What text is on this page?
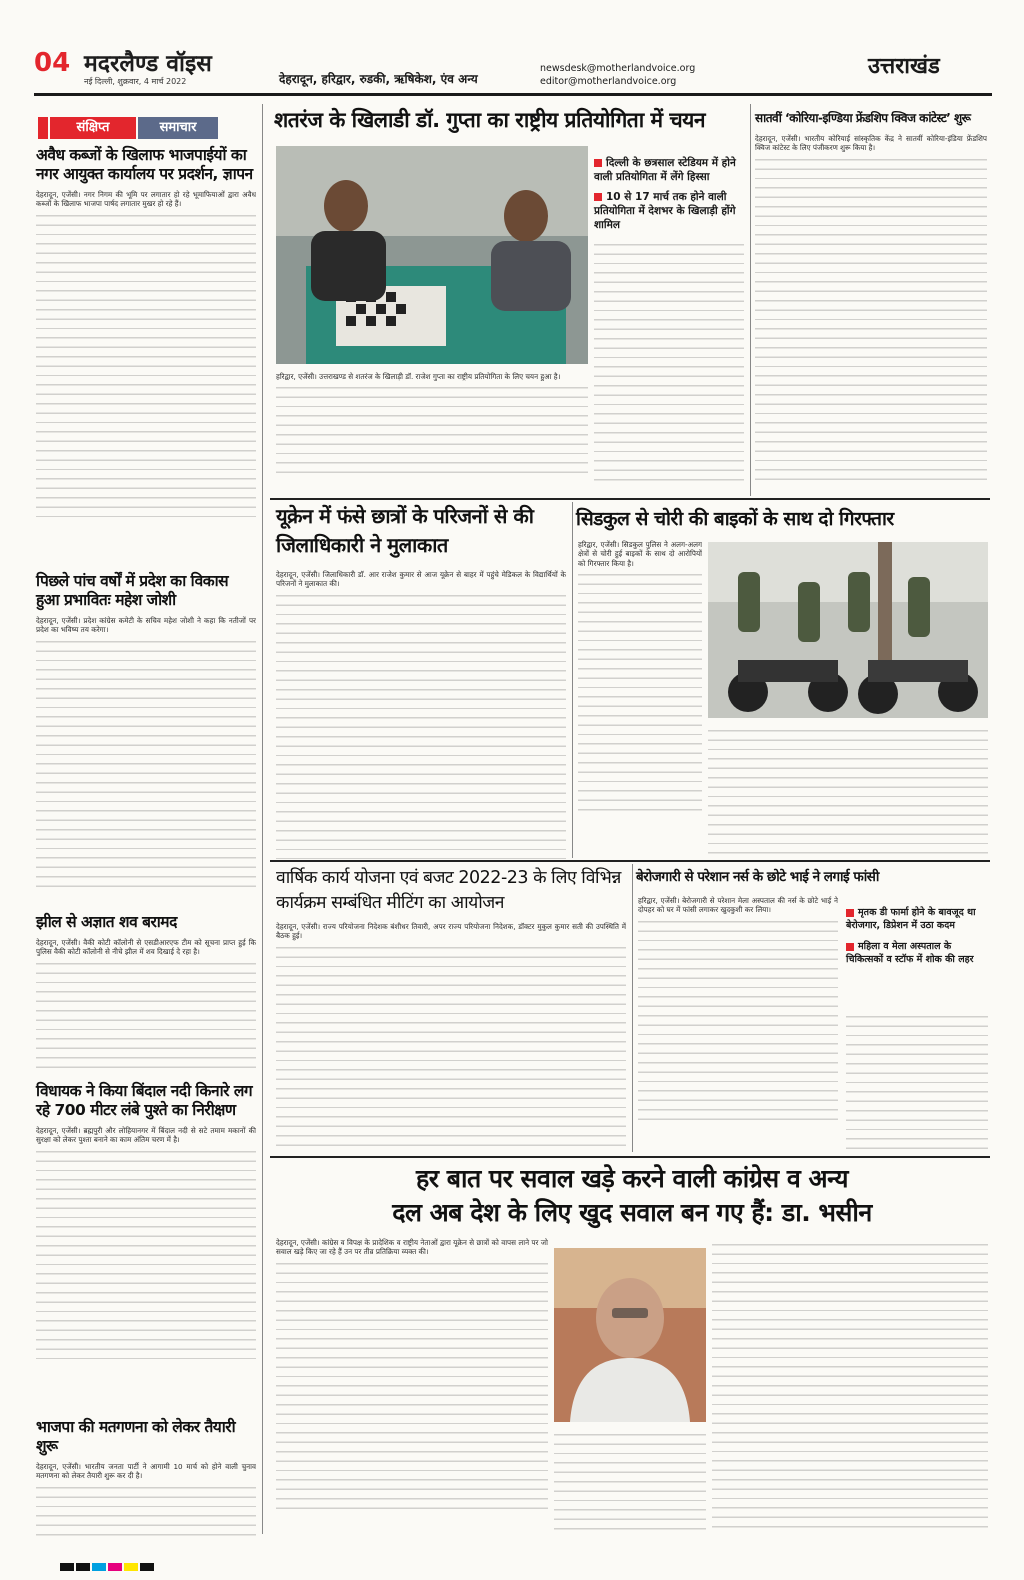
04 मदरलैण्ड वॉइस
नई दिल्ली, शुक्रवार, 4 मार्च 2022	देहरादून, हरिद्वार, रुडकी, ऋषिकेश, एंव अन्य
newsdesk@motherlandvoice.org
editor@motherlandvoice.org
उत्तराखंड
संक्षिप्त	समाचार
अवैध कब्जों के खिलाफ भाजपाईयों का नगर आयुक्त कार्यालय पर प्रदर्शन, ज्ञापन
देहरादून, एजेंसी। नगर निगम की भूमि पर लगातार हो रहे भूमाफियाओं द्वारा अवैध कब्जों के खिलाफ भाजपा पार्षद लगातार मुखर हो रहे हैं।
पिछले पांच वर्षों में प्रदेश का विकास हुआ प्रभावितः महेश जोशी
देहरादून, एजेंसी। प्रदेश कांग्रेस कमेटी के सचिव महेश जोशी ने कहा कि नतीजों पर प्रदेश का भविष्य तय करेगा।
झील से अज्ञात शव बरामद
देहरादून, एजेंसी। वैकी कोटी कॉलोनी से एसडीआरएफ टीम को सूचना प्राप्त हुई कि पुलिस वैकी कोटी कॉलोनी से नीचे झील में शव दिखाई दे रहा है।
विधायक ने किया बिंदाल नदी किनारे लग रहे 700 मीटर लंबे पुश्ते का निरीक्षण
देहरादून, एजेंसी। ब्रह्मपुरी और लोहियानगर में बिंदाल नदी से सटे तमाम मकानों की सुरक्षा को लेकर पुश्ता बनाने का काम अंतिम चरण में है।
भाजपा की मतगणना को लेकर तैयारी शुरू
देहरादून, एजेंसी। भारतीय जनता पार्टी ने आगामी 10 मार्च को होने वाली चुनाव मतगणना को लेकर तैयारी शुरू कर दी है।
शतरंज के खिलाडी डॉ. गुप्ता का राष्ट्रीय प्रतियोगिता में चयन
दिल्ली के छत्रसाल स्टेडियम में होने वाली प्रतियोगिता में लेंगे हिस्सा
10 से 17 मार्च तक होने वाली प्रतियोगिता में देशभर के खिलाड़ी होंगे शामिल
हरिद्वार, एजेंसी। उत्तराखण्ड से शतरंज के खिलाड़ी डॉ. राजेश गुप्ता का राष्ट्रीय प्रतियोगिता के लिए चयन हुआ है।
सातवीं ‘कोरिया-इण्डिया फ्रेंडशिप क्विज कांटेस्ट’ शुरू
देहरादून, एजेंसी। भारतीय कोरियाई सांस्कृतिक केंद्र ने सातवीं कोरिया-इंडिया फ्रेंडशिप क्विज कांटेस्ट के लिए पंजीकरण शुरू किया है।
यूक्रेन में फंसे छात्रों के परिजनों से की जिलाधिकारी ने मुलाकात
देहरादून, एजेंसी। जिलाधिकारी डॉ. आर राजेश कुमार से आज यूक्रेन से बाहर में पहुंचे मेडिकल के विद्यार्थियों के परिजनों ने मुलाकात की।
सिडकुल से चोरी की बाइकों के साथ दो गिरफ्तार
हरिद्वार, एजेंसी। सिडकुल पुलिस ने अलग-अलग क्षेत्रों से चोरी हुई बाइकों के साथ दो आरोपियों को गिरफ्तार किया है।
वार्षिक कार्य योजना एवं बजट 2022-23 के लिए विभिन्न कार्यक्रम सम्बंधित मीटिंग का आयोजन
देहरादून, एजेंसी। राज्य परियोजना निदेशक बंशीधर तिवारी, अपर राज्य परियोजना निदेशक, डॉक्टर मुकुल कुमार सती की उपस्थिति में बैठक हुई।
बेरोजगारी से परेशान नर्स के छोटे भाई ने लगाई फांसी
हरिद्वार, एजेंसी। बेरोजगारी से परेशान मेला अस्पताल की नर्स के छोटे भाई ने दोपहर को घर में फांसी लगाकर खुदकुशी कर लिया।	मृतक डी फार्मा होने के बावजूद था बेरोजगार, डिप्रेशन में उठा कदम
महिला व मेला अस्पताल के चिकित्सकों व स्टॉफ में शोक की लहर
हर बात पर सवाल खड़े करने वाली कांग्रेस व अन्य
दल अब देश के लिए खुद सवाल बन गए हैं: डा. भसीन
देहरादून, एजेंसी। कांग्रेस व विपक्ष के प्रादेशिक व राष्ट्रीय नेताओं द्वारा यूक्रेन से छात्रों को वापस लाने पर जो सवाल खड़े किए जा रहे हैं उन पर तीव्र प्रतिक्रिया व्यक्त की।
